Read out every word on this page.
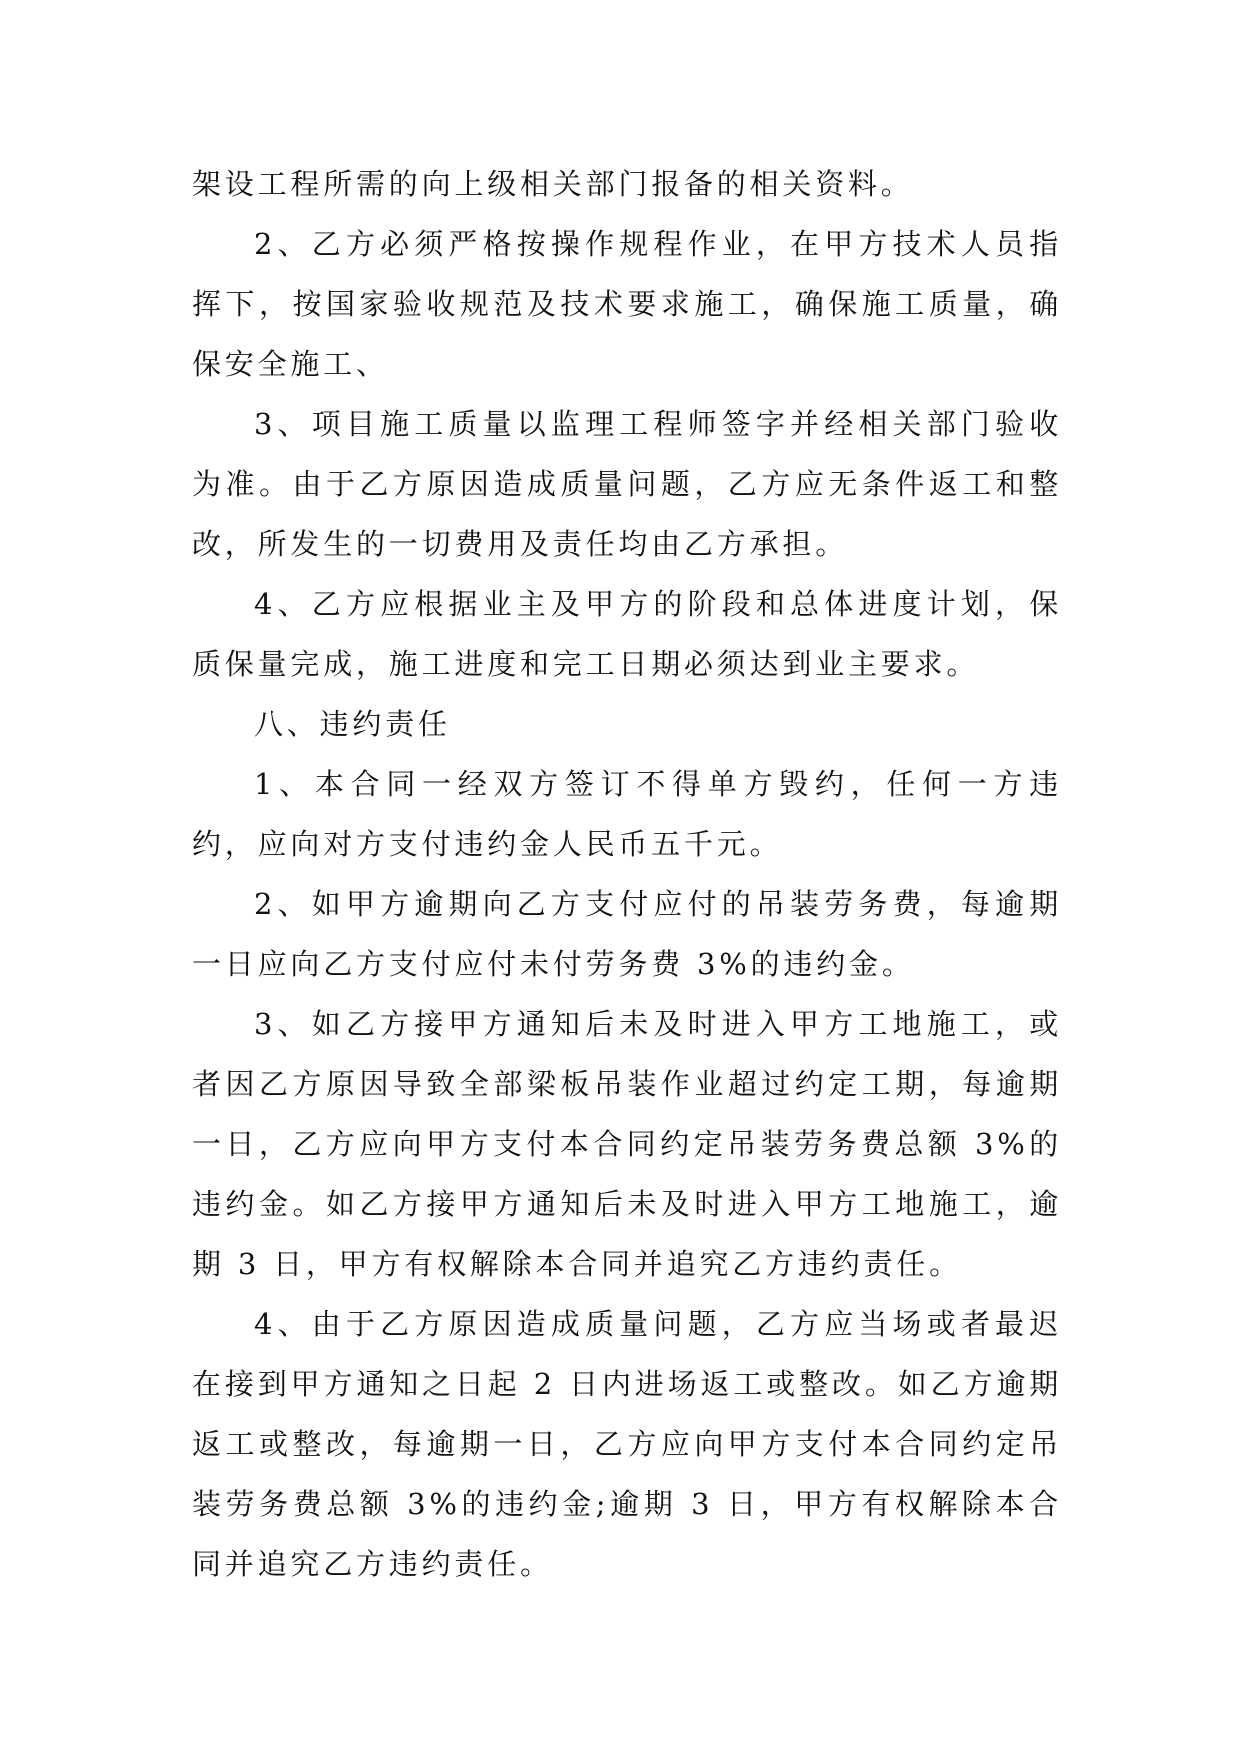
架设工程所需的向上级相关部门报备的相关资料。

2、乙方必须严格按操作规程作业，在甲方技术人员指挥下，按国家验收规范及技术要求施工，确保施工质量，确保安全施工、

3、项目施工质量以监理工程师签字并经相关部门验收为准。由于乙方原因造成质量问题，乙方应无条件返工和整改，所发生的一切费用及责任均由乙方承担。

4、乙方应根据业主及甲方的阶段和总体进度计划，保质保量完成，施工进度和完工日期必须达到业主要求。

八、违约责任

1、本合同一经双方签订不得单方毁约，任何一方违约，应向对方支付违约金人民币五千元。

2、如甲方逾期向乙方支付应付的吊装劳务费，每逾期一日应向乙方支付应付未付劳务费 3%的违约金。

3、如乙方接甲方通知后未及时进入甲方工地施工，或者因乙方原因导致全部梁板吊装作业超过约定工期，每逾期一日，乙方应向甲方支付本合同约定吊装劳务费总额 3%的违约金。如乙方接甲方通知后未及时进入甲方工地施工，逾期 3 日，甲方有权解除本合同并追究乙方违约责任。

4、由于乙方原因造成质量问题，乙方应当场或者最迟在接到甲方通知之日起 2 日内进场返工或整改。如乙方逾期返工或整改，每逾期一日，乙方应向甲方支付本合同约定吊装劳务费总额 3%的违约金;逾期 3 日，甲方有权解除本合同并追究乙方违约责任。
